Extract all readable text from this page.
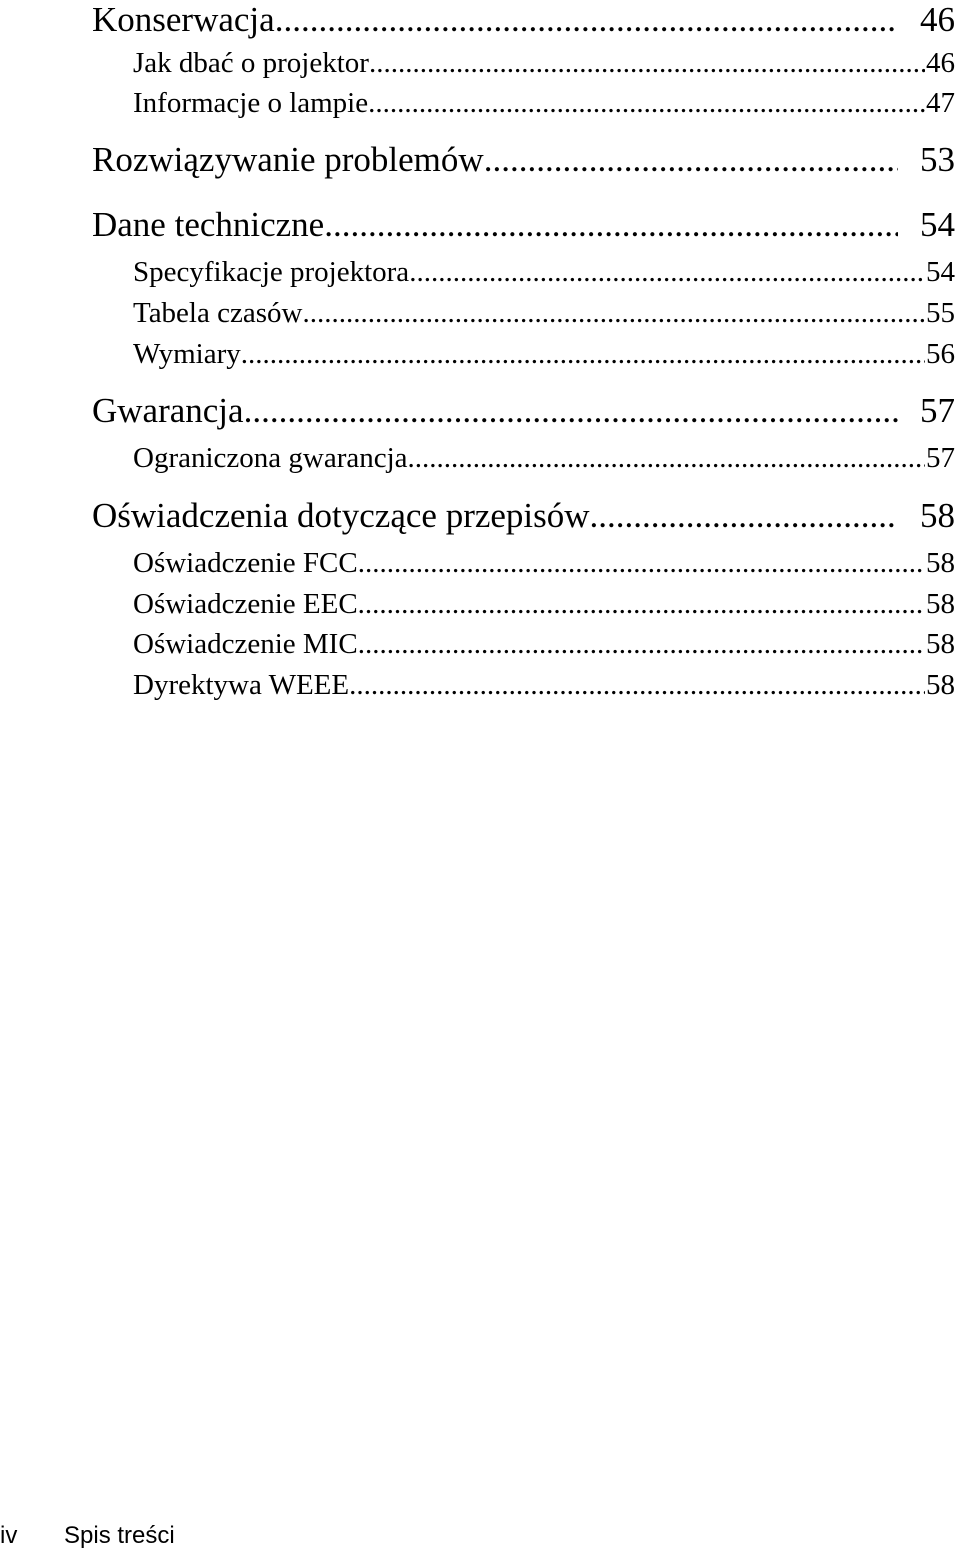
Konserwacja .....	46
Jak dbać o projektor .....	46
Informacje o lampie .....	47
Rozwiązywanie problemów .....	53
Dane techniczne .....	54
Specyfikacje projektora .....	54
Tabela czasów .....	55
Wymiary .....	56
Gwarancja .....	57
Ograniczona gwarancja .....	57
Oświadczenia dotyczące przepisów .....	58
Oświadczenie FCC .....	58
Oświadczenie EEC .....	58
Oświadczenie MIC .....	58
Dyrektywa WEEE .....	58
iv	Spis treści
